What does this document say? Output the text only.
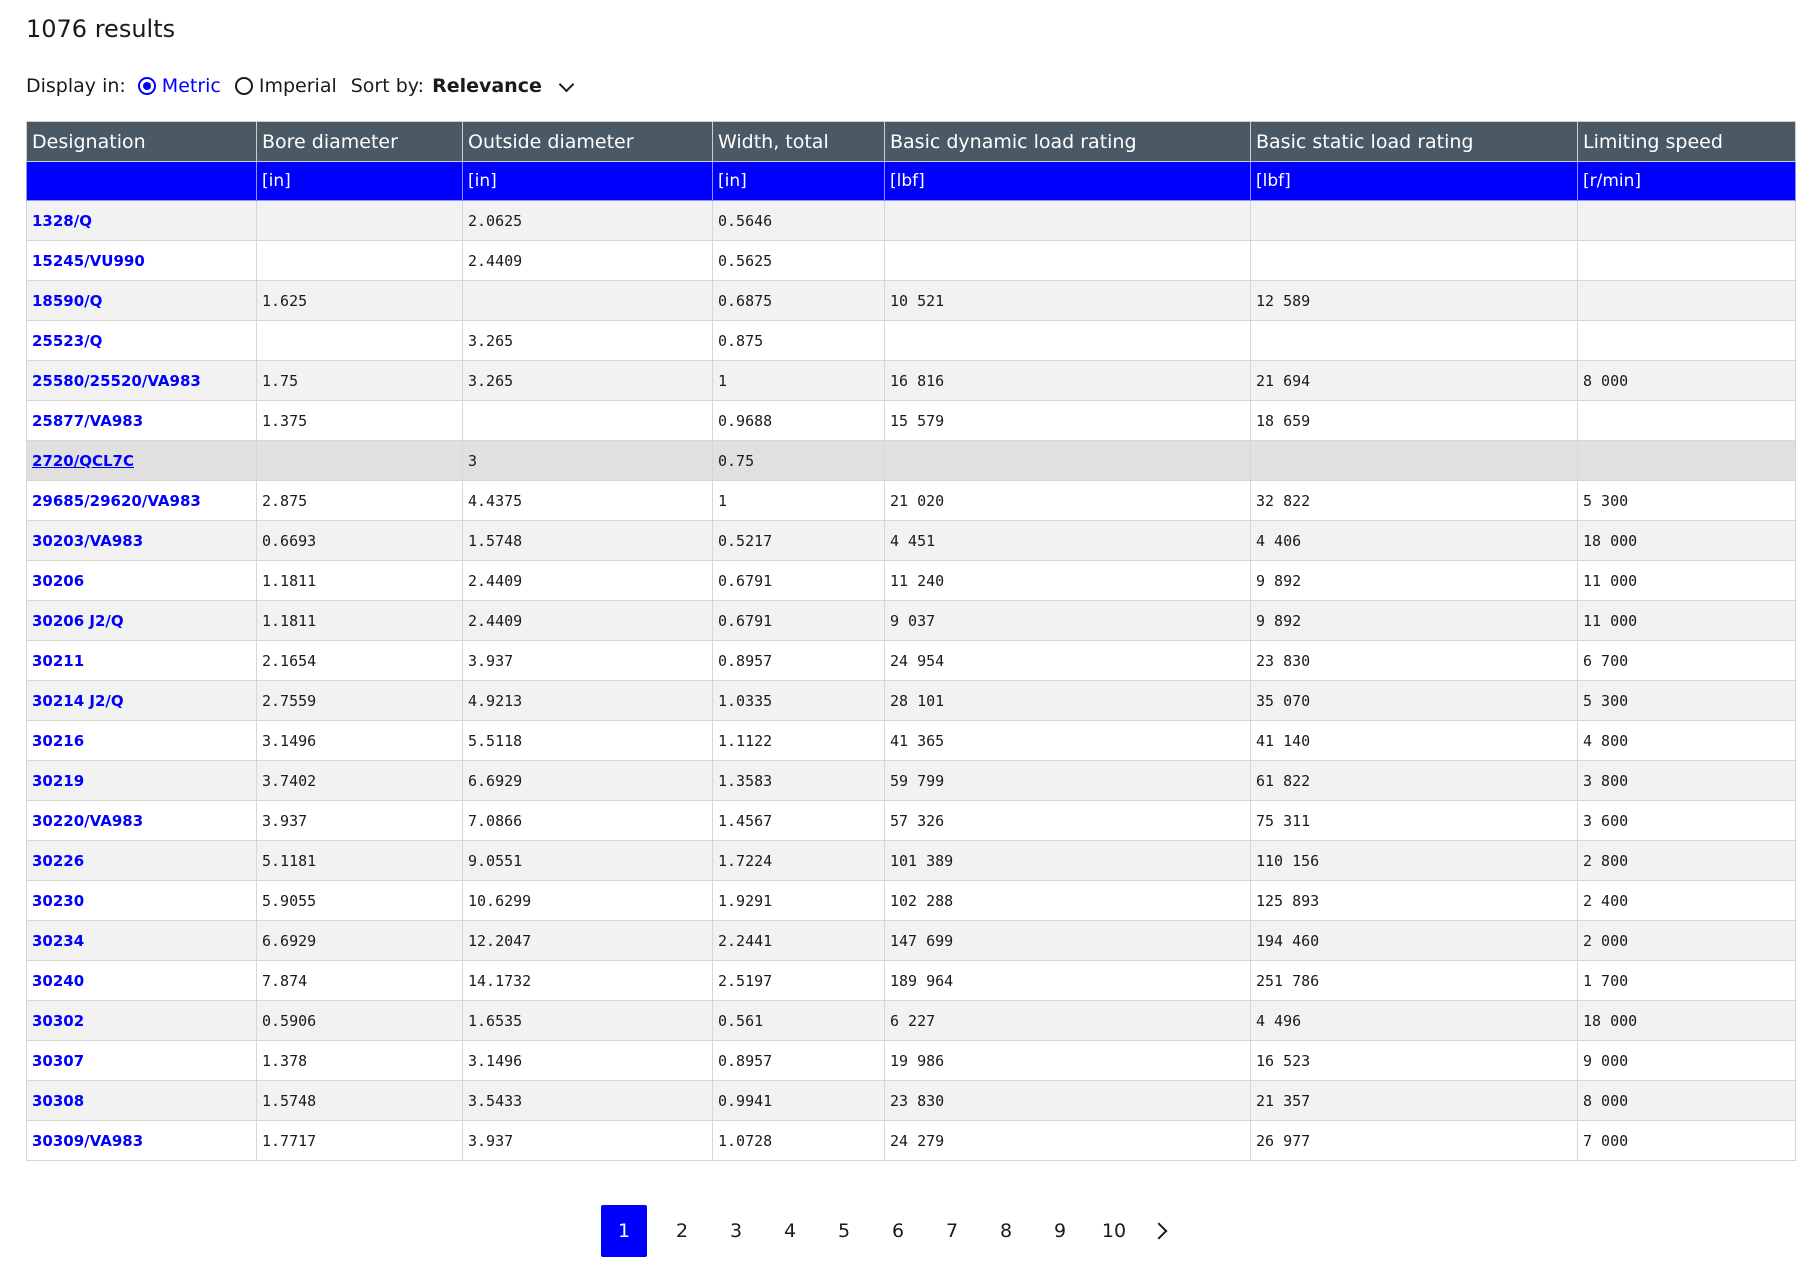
1076 results
Display in: Metric Imperial Sort by: Relevance
Designation	Bore diameter	Outside diameter	Width, total	Basic dynamic load rating	Basic static load rating	Limiting speed
	[in]	[in]	[in]	[lbf]	[lbf]	[r/min]
1328/Q		2.0625	0.5646			
15245/VU990		2.4409	0.5625			
18590/Q	1.625		0.6875	10 521	12 589	
25523/Q		3.265	0.875			
25580/25520/VA983	1.75	3.265	1	16 816	21 694	8 000
25877/VA983	1.375		0.9688	15 579	18 659	
2720/QCL7C		3	0.75			
29685/29620/VA983	2.875	4.4375	1	21 020	32 822	5 300
30203/VA983	0.6693	1.5748	0.5217	4 451	4 406	18 000
30206	1.1811	2.4409	0.6791	11 240	9 892	11 000
30206 J2/Q	1.1811	2.4409	0.6791	9 037	9 892	11 000
30211	2.1654	3.937	0.8957	24 954	23 830	6 700
30214 J2/Q	2.7559	4.9213	1.0335	28 101	35 070	5 300
30216	3.1496	5.5118	1.1122	41 365	41 140	4 800
30219	3.7402	6.6929	1.3583	59 799	61 822	3 800
30220/VA983	3.937	7.0866	1.4567	57 326	75 311	3 600
30226	5.1181	9.0551	1.7224	101 389	110 156	2 800
30230	5.9055	10.6299	1.9291	102 288	125 893	2 400
30234	6.6929	12.2047	2.2441	147 699	194 460	2 000
30240	7.874	14.1732	2.5197	189 964	251 786	1 700
30302	0.5906	1.6535	0.561	6 227	4 496	18 000
30307	1.378	3.1496	0.8957	19 986	16 523	9 000
30308	1.5748	3.5433	0.9941	23 830	21 357	8 000
30309/VA983	1.7717	3.937	1.0728	24 279	26 977	7 000
1	2	3	4	5	6	7	8	9	10
